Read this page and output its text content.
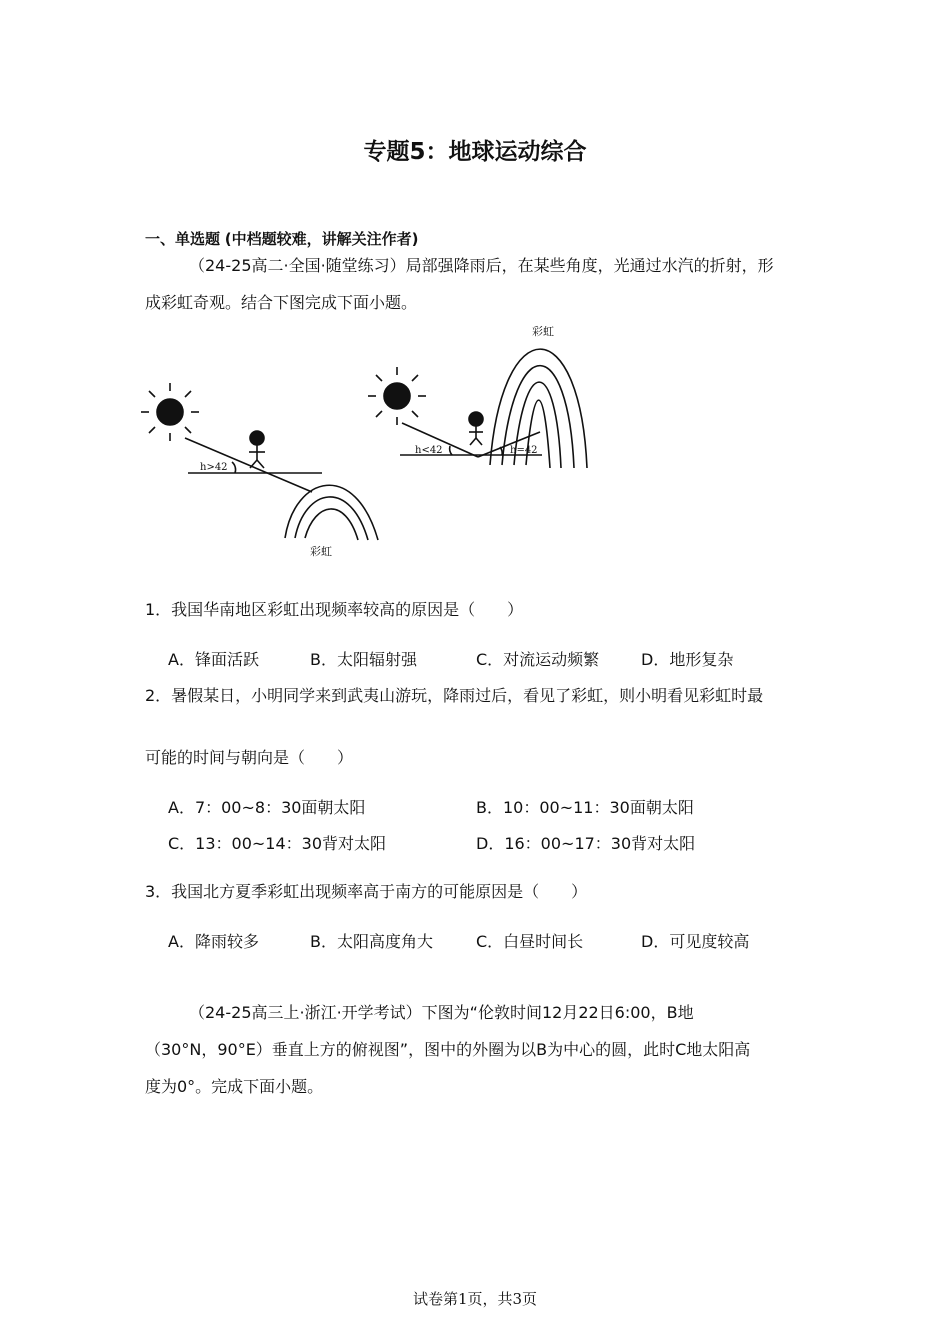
专题5：地球运动综合
一、单选题 (中档题较难，讲解关注作者)
（24-25高二·全国·随堂练习）局部强降雨后，在某些角度，光通过水汽的折射，形
成彩虹奇观。结合下图完成下面小题。
h>42
彩虹
h<42	h=42
彩虹
1．我国华南地区彩虹出现频率较高的原因是（　　）
A．锋面活跃	B．太阳辐射强	C．对流运动频繁	D．地形复杂
2．暑假某日，小明同学来到武夷山游玩，降雨过后，看见了彩虹，则小明看见彩虹时最
可能的时间与朝向是（　　）
A．7：00~8：30面朝太阳	B．10：00~11：30面朝太阳
C．13：00~14：30背对太阳	D．16：00~17：30背对太阳
3．我国北方夏季彩虹出现频率高于南方的可能原因是（　　）
A．降雨较多	B．太阳高度角大	C．白昼时间长	D．可见度较高
（24-25高三上·浙江·开学考试）下图为“伦敦时间12月22日6:00，B地
（30°N，90°E）垂直上方的俯视图”，图中的外圈为以B为中心的圆，此时C地太阳高
度为0°。完成下面小题。
试卷第1页，共3页
